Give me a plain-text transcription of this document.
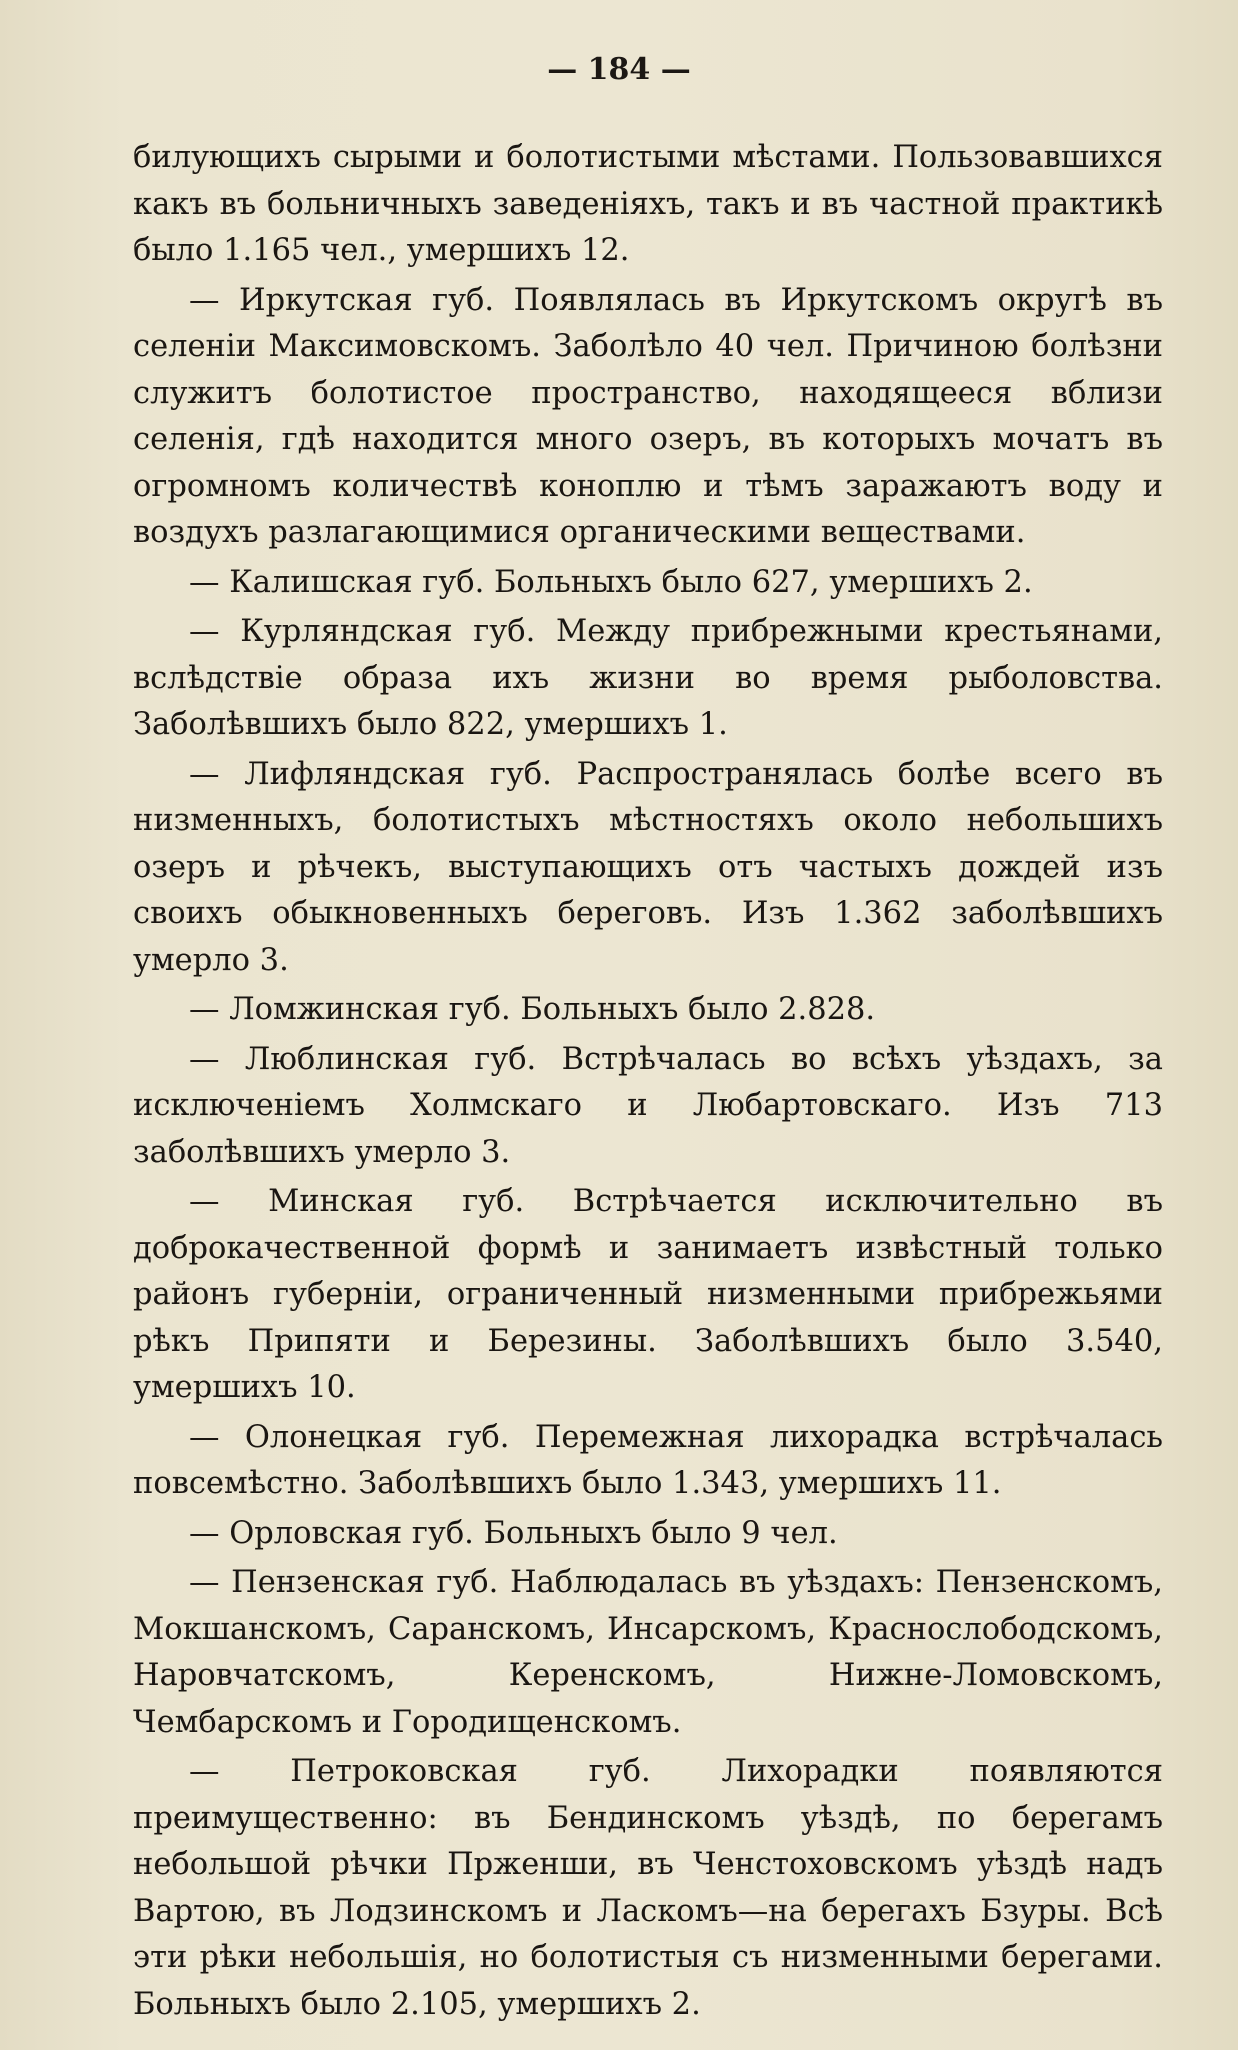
— 184 —

билующихъ сырыми и болотистыми мѣстами. Пользовавшихся какъ въ больничныхъ заведеніяхъ, такъ и въ частной практикѣ было 1.165 чел., умершихъ 12.

— Иркутская губ. Появлялась въ Иркутскомъ округѣ въ селеніи Максимовскомъ. Заболѣло 40 чел. Причиною болѣзни служитъ болотистое пространство, находящееся вблизи селенія, гдѣ находится много озеръ, въ которыхъ мочатъ въ огромномъ количествѣ коноплю и тѣмъ заражаютъ воду и воздухъ разлагающимися органическими веществами.

— Калишская губ. Больныхъ было 627, умершихъ 2.

— Курляндская губ. Между прибрежными крестьянами, вслѣдствіе образа ихъ жизни во время рыболовства. Заболѣвшихъ было 822, умершихъ 1.

— Лифляндская губ. Распространялась болѣе всего въ низменныхъ, болотистыхъ мѣстностяхъ около небольшихъ озеръ и рѣчекъ, выступающихъ отъ частыхъ дождей изъ своихъ обыкновенныхъ береговъ. Изъ 1.362 заболѣвшихъ умерло 3.

— Ломжинская губ. Больныхъ было 2.828.

— Люблинская губ. Встрѣчалась во всѣхъ уѣздахъ, за исключеніемъ Холмскаго и Любартовскаго. Изъ 713 заболѣвшихъ умерло 3.

— Минская губ. Встрѣчается исключительно въ доброкачественной формѣ и занимаетъ извѣстный только районъ губерніи, ограниченный низменными прибрежьями рѣкъ Припяти и Березины. Заболѣвшихъ было 3.540, умершихъ 10.

— Олонецкая губ. Перемежная лихорадка встрѣчалась повсемѣстно. Заболѣвшихъ было 1.343, умершихъ 11.

— Орловская губ. Больныхъ было 9 чел.

— Пензенская губ. Наблюдалась въ уѣздахъ: Пензенскомъ, Мокшанскомъ, Саранскомъ, Инсарскомъ, Краснослободскомъ, Наровчатскомъ, Керенскомъ, Нижне-Ломовскомъ, Чембарскомъ и Городищенскомъ.

— Петроковская губ. Лихорадки появляются преимущественно: въ Бендинскомъ уѣздѣ, по берегамъ небольшой рѣчки Прженши, въ Ченстоховскомъ уѣздѣ надъ Вартою, въ Лодзинскомъ и Ласкомъ—на берегахъ Бзуры. Всѣ эти рѣки небольшія, но болотистыя съ низменными берегами. Больныхъ было 2.105, умершихъ 2.
